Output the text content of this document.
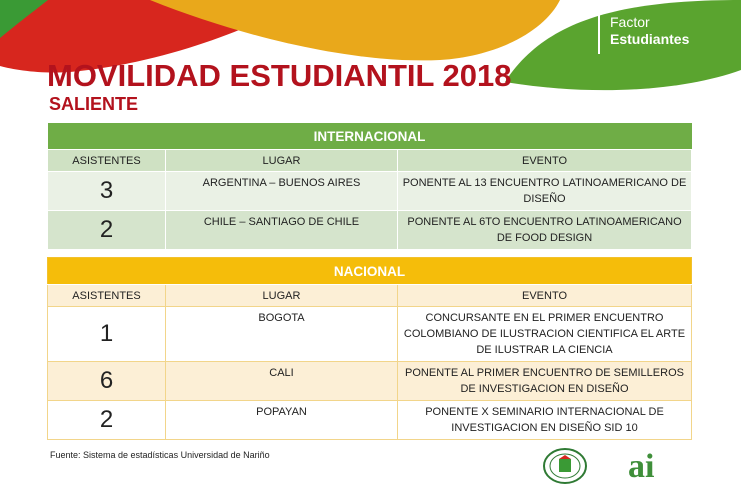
Factor
Estudiantes
MOVILIDAD ESTUDIANTIL 2018
SALIENTE
INTERNACIONAL		
ASISTENTES	LUGAR	EVENTO
3	ARGENTINA – BUENOS AIRES	PONENTE AL 13 ENCUENTRO LATINOAMERICANO DE DISEÑO
2	CHILE – SANTIAGO DE CHILE	PONENTE AL 6TO ENCUENTRO LATINOAMERICANO DE FOOD DESIGN
NACIONAL		
ASISTENTES	LUGAR	EVENTO
1	BOGOTA	CONCURSANTE EN EL PRIMER ENCUENTRO COLOMBIANO DE ILUSTRACION CIENTIFICA EL ARTE DE ILUSTRAR LA CIENCIA
6	CALI	PONENTE AL PRIMER ENCUENTRO DE SEMILLEROS DE INVESTIGACION EN DISEÑO
2	POPAYAN	PONENTE X SEMINARIO INTERNACIONAL DE INVESTIGACION EN DISEÑO SID 10
Fuente: Sistema de estadísticas Universidad de Nariño	ai
